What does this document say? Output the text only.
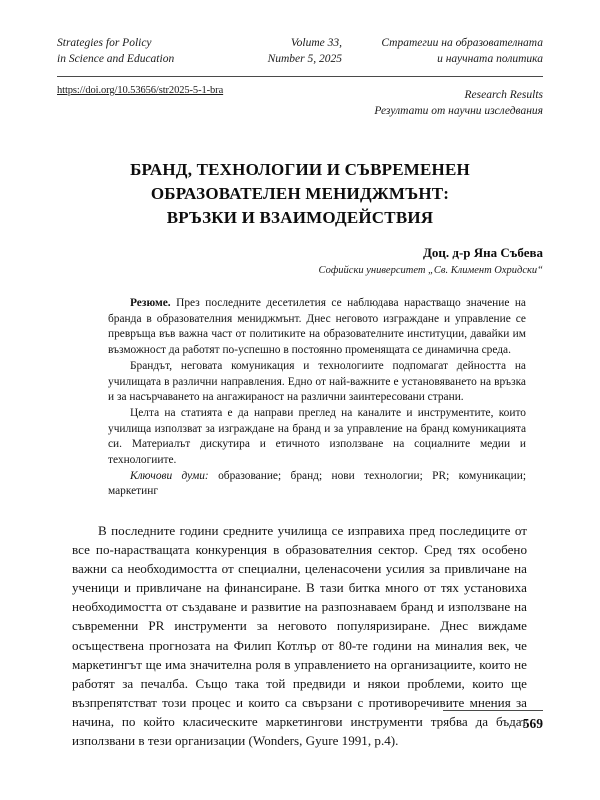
Strategies for Policy
in Science and Education
Volume 33,
Number 5, 2025
Стратегии на образователната
и научната политика
https://doi.org/10.53656/str2025-5-1-bra	Research Results
Резултати от научни изследвания
БРАНД, ТЕХНОЛОГИИ И СЪВРЕМЕНЕН
ОБРАЗОВАТЕЛЕН МЕНИДЖМЪНТ:
ВРЪЗКИ И ВЗАИМОДЕЙСТВИЯ
Доц. д-р Яна Събева
Софийски университет „Св. Климент Охридски“

Резюме. През последните десетилетия се наблюдава нарастващо значение на бранда в образователния мениджмънт. Днес неговото изграждане и управление се превръща във важна част от политиките на образователните институции, давайки им възможност да работят по-успешно в постоянно променящата се динамична среда.

Брандът, неговата комуникация и технологиите подпомагат дейността на училищата в различни направления. Едно от най-важните е установяването на връзка и за насърчаването на ангажираност на различни заинтересовани страни.

Целта на статията е да направи преглед на каналите и инструментите, които училища използват за изграждане на бранд и за управление на бранд комуникацията си. Материалът дискутира и етичното използване на социалните медии и технологиите.

Ключови думи: образование; бранд; нови технологии; PR; комуникации; маркетинг

В последните години средните училища се изправиха пред последиците от все по-нарастващата конкуренция в образователния сектор. Сред тях особено важни са необходимостта от специални, целенасочени усилия за привличане на ученици и привличане на финансиране. В тази битка много от тях установиха необходимостта от създаване и развитие на разпознаваем бранд и използване на съвременни PR инструменти за неговото популяризиране. Днес виждаме осъществена прогнозата на Филип Котлър от 80-те години на миналия век, че маркетингът ще има значителна роля в управлението на организациите, които не работят за печалба. Също така той предвиди и някои проблеми, които ще възпрепятстват този процес и които са свързани с противоречивите мнения за начина, по който класическите маркетингови инструменти трябва да бъдат използвани в тези организации (Wonders, Gyure 1991, p.4).

569
